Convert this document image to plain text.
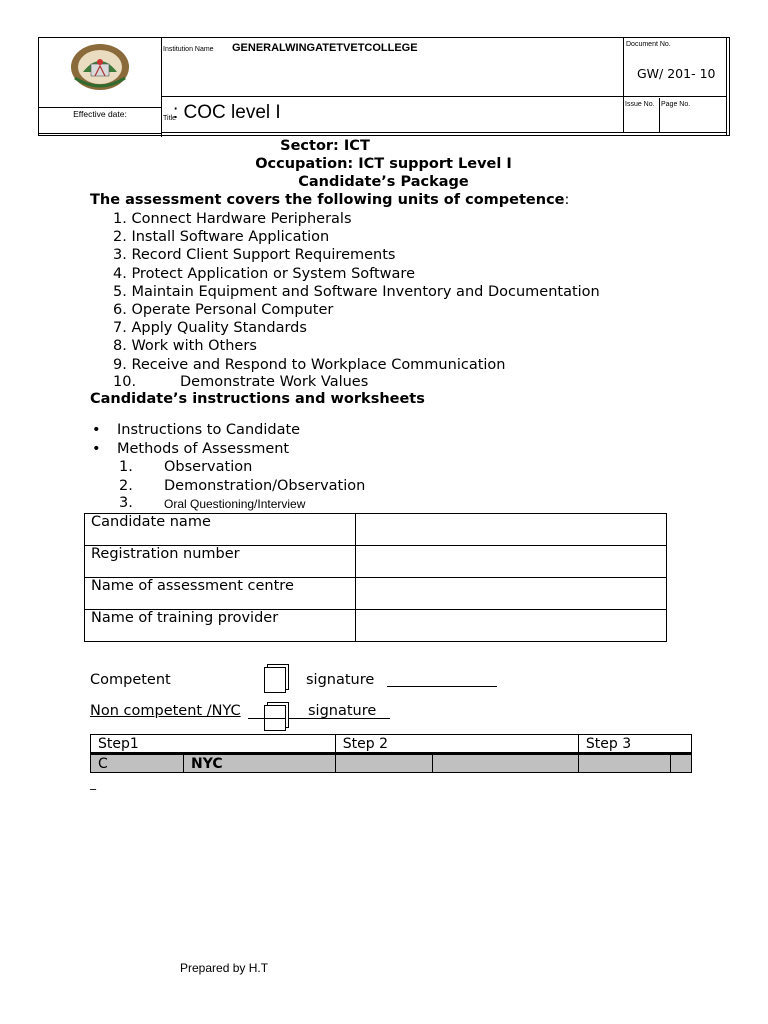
Effective date:
Institution Name GENERALWINGATETVETCOLLEGE	Document No.
GW/ 201- 10
Title
: COC level I	Issue No. Page No.
Sector: ICT
Occupation: ICT support Level I
Candidate’s Package
The assessment covers the following units of competence:
1. Connect Hardware Peripherals
2. Install Software Application
3. Record Client Support Requirements
4. Protect Application or System Software
5. Maintain Equipment and Software Inventory and Documentation
6. Operate Personal Computer
7. Apply Quality Standards
8. Work with Others
9. Receive and Respond to Workplace Communication
10.	Demonstrate Work Values
Candidate’s instructions and worksheets
• Instructions to Candidate
• Methods of Assessment
1. Observation
2. Demonstration/Observation
3.	Oral Questioning/Interview
Candidate name	
Registration number	
Name of assessment centre	
Name of training provider	
Competent	signature
Non competent /NYC	signature
Step1		Step 2		Step 3	
C	NYC				
_
Prepared by H.T
